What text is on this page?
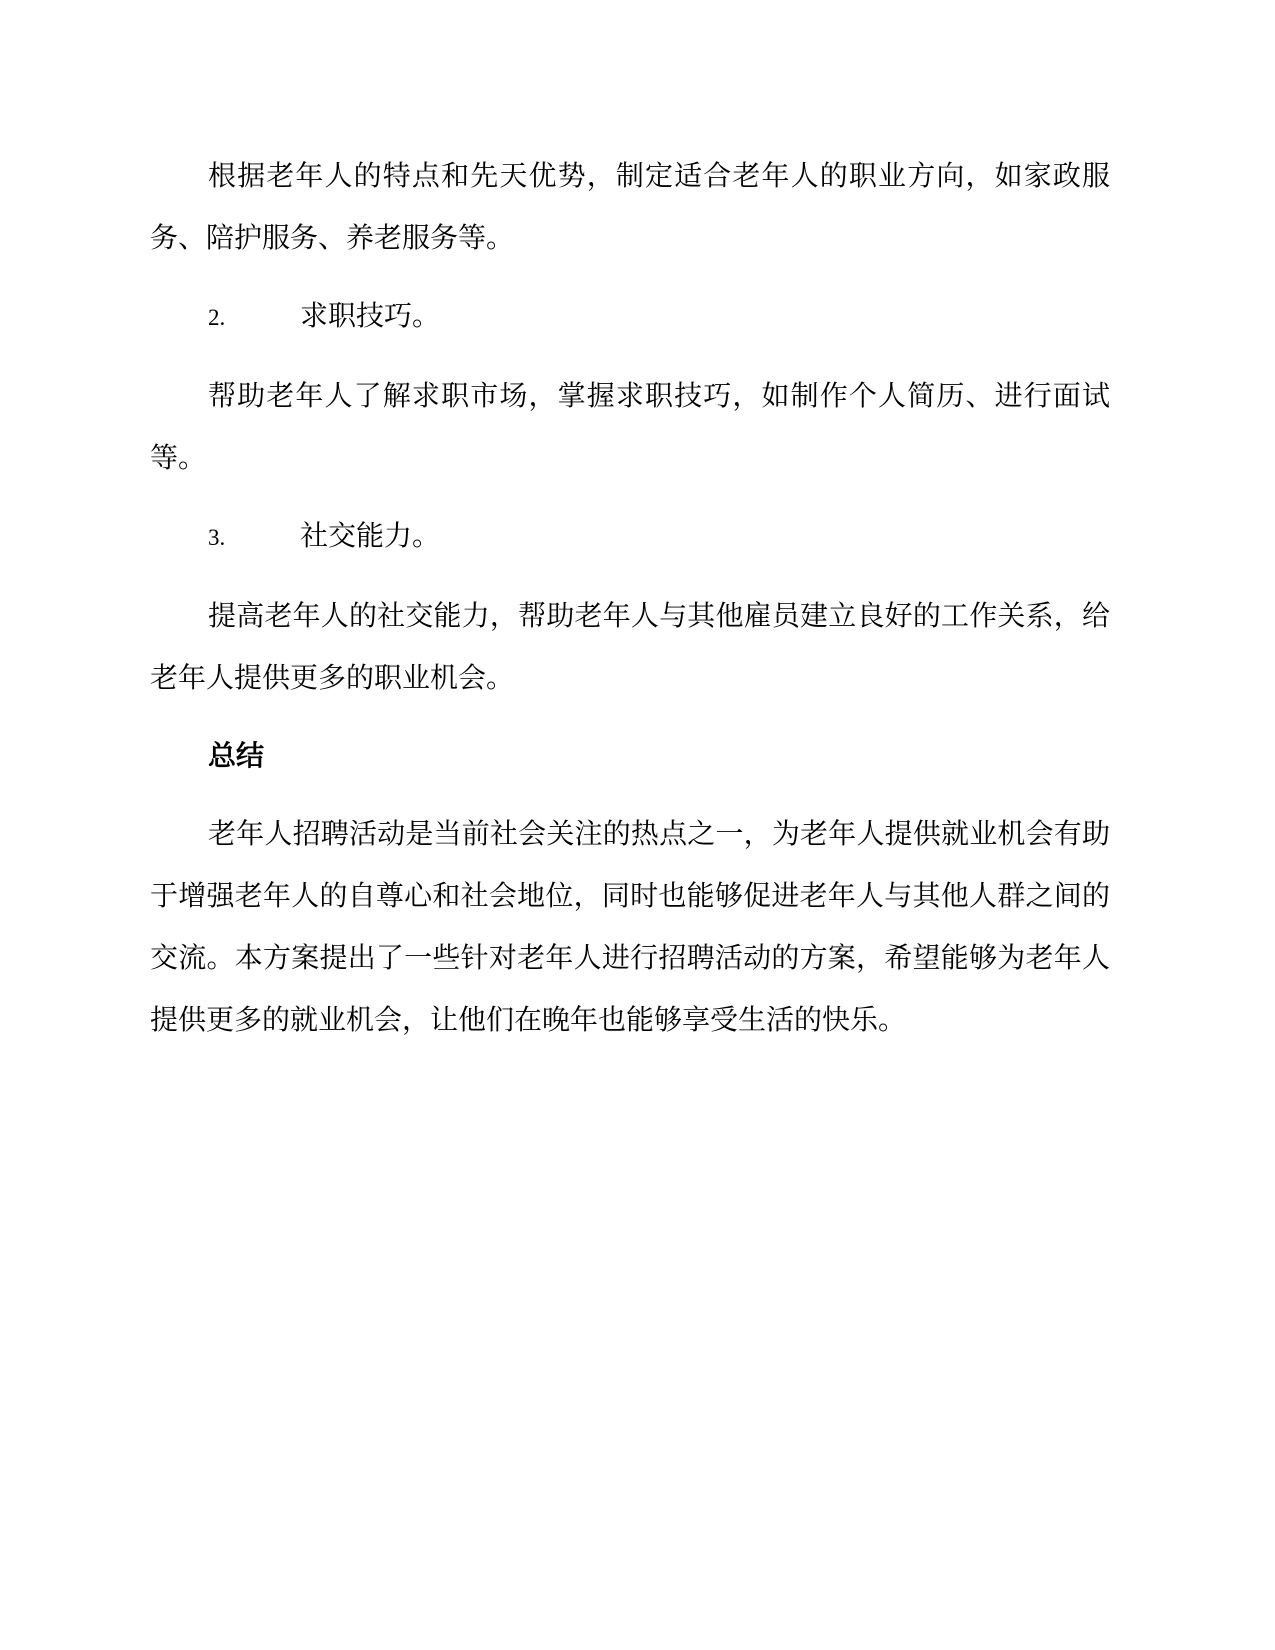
根据老年人的特点和先天优势，制定适合老年人的职业方向，如家政服务、陪护服务、养老服务等。

2.	求职技巧。

帮助老年人了解求职市场，掌握求职技巧，如制作个人简历、进行面试等。

3.	社交能力。

提高老年人的社交能力，帮助老年人与其他雇员建立良好的工作关系，给老年人提供更多的职业机会。

总结

老年人招聘活动是当前社会关注的热点之一，为老年人提供就业机会有助于增强老年人的自尊心和社会地位，同时也能够促进老年人与其他人群之间的交流。本方案提出了一些针对老年人进行招聘活动的方案，希望能够为老年人提供更多的就业机会，让他们在晚年也能够享受生活的快乐。
